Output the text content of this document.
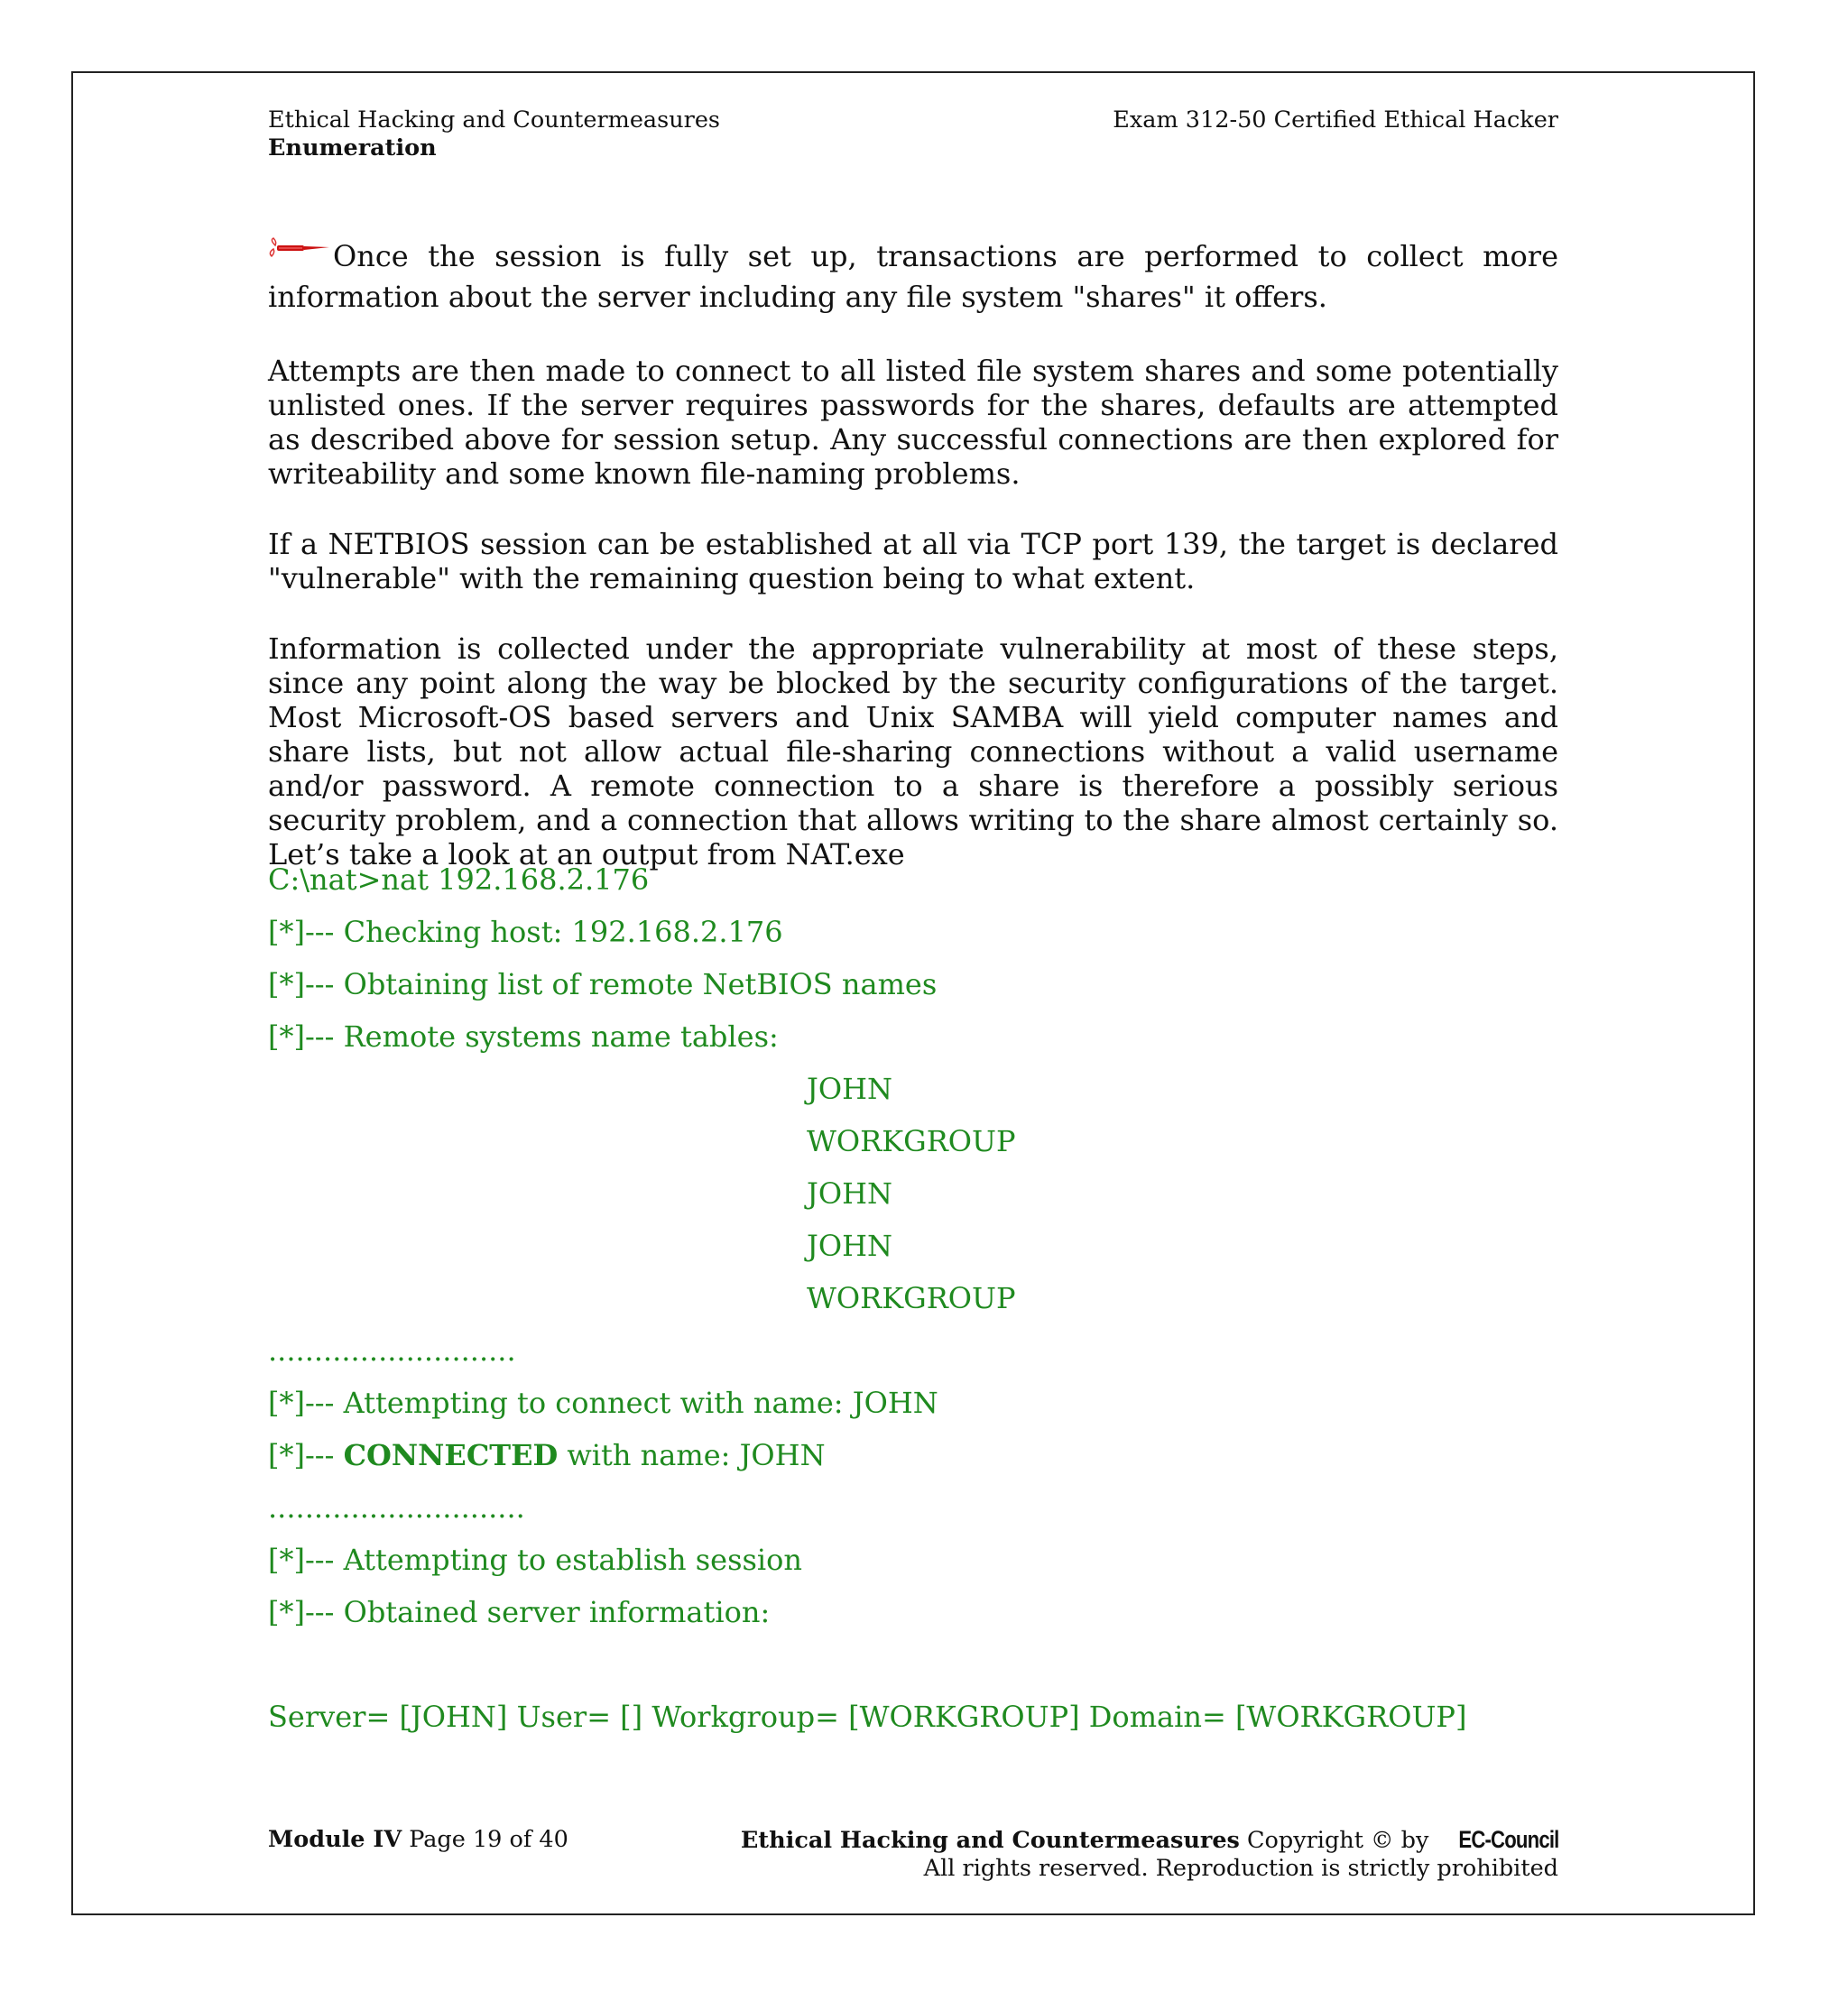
Ethical Hacking and Countermeasures
Enumeration
Exam 312-50 Certified Ethical Hacker

Once the session is fully set up, transactions are performed to collect more information about the server including any file system "shares" it offers.

Attempts are then made to connect to all listed file system shares and some potentially unlisted ones. If the server requires passwords for the shares, defaults are attempted as described above for session setup. Any successful connections are then explored for writeability and some known file-naming problems.

If a NETBIOS session can be established at all via TCP port 139, the target is declared "vulnerable" with the remaining question being to what extent.

Information is collected under the appropriate vulnerability at most of these steps, since any point along the way be blocked by the security configurations of the target. Most Microsoft-OS based servers and Unix SAMBA will yield computer names and share lists, but not allow actual file-sharing connections without a valid username and/or password. A remote connection to a share is therefore a possibly serious security problem, and a connection that allows writing to the share almost certainly so. Let’s take a look at an output from NAT.exe

C:\nat>nat 192.168.2.176
[*]--- Checking host: 192.168.2.176
[*]--- Obtaining list of remote NetBIOS names
[*]--- Remote systems name tables:
JOHN
WORKGROUP
JOHN
JOHN
WORKGROUP
...........................
[*]--- Attempting to connect with name: JOHN
[*]--- CONNECTED with name: JOHN
............................
[*]--- Attempting to establish session
[*]--- Obtained server information:
Server= [JOHN] User= [] Workgroup= [WORKGROUP] Domain= [WORKGROUP]
Module IV Page 19 of 40	Ethical Hacking and Countermeasures Copyright © by EC-Council
All rights reserved. Reproduction is strictly prohibited
